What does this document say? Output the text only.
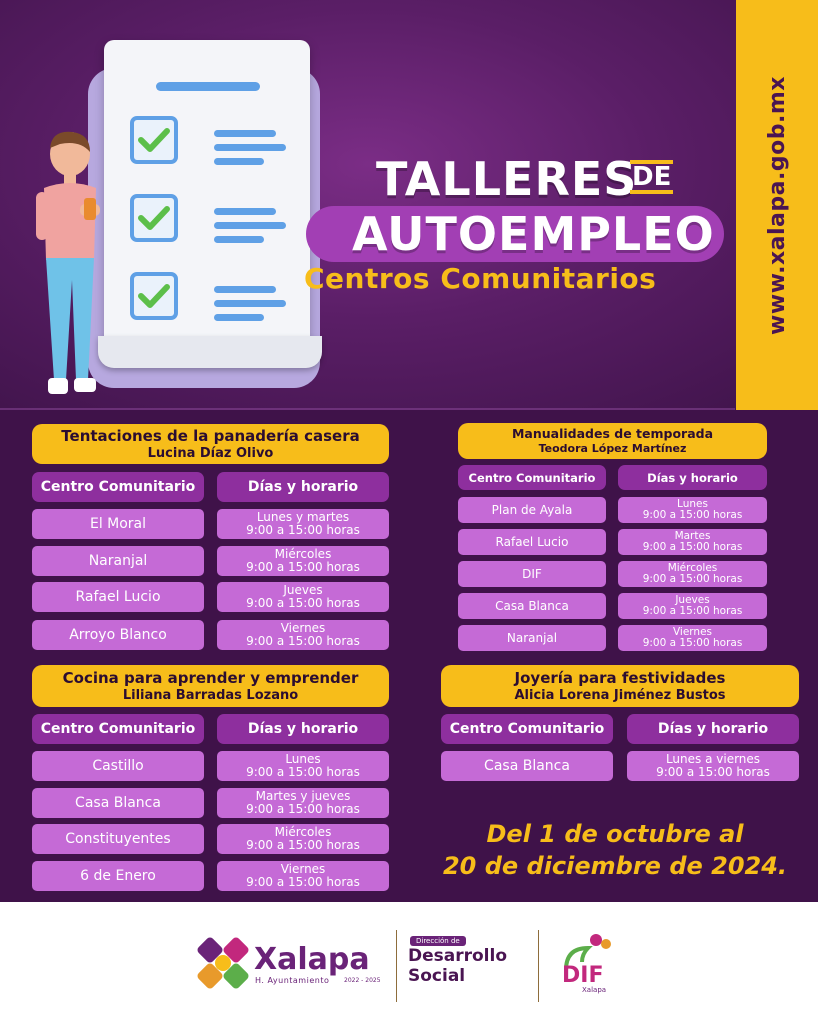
TALLERES
DE
AUTOEMPLEO
Centros Comunitarios	www.xalapa.gob.mx
Tentaciones de la panadería casera
Lucina Díaz Olivo
Centro Comunitario	Días y horario
El Moral	Lunes y martes
9:00 a 15:00 horas
Naranjal	Miércoles
9:00 a 15:00 horas
Rafael Lucio	Jueves
9:00 a 15:00 horas
Arroyo Blanco	Viernes
9:00 a 15:00 horas
Manualidades de temporada
Teodora López Martínez
Centro Comunitario	Días y horario
Plan de Ayala	Lunes
9:00 a 15:00 horas
Rafael Lucio	Martes
9:00 a 15:00 horas
DIF	Miércoles
9:00 a 15:00 horas
Casa Blanca	Jueves
9:00 a 15:00 horas
Naranjal	Viernes
9:00 a 15:00 horas
Cocina para aprender y emprender
Liliana Barradas Lozano
Centro Comunitario	Días y horario
Castillo	Lunes
9:00 a 15:00 horas
Casa Blanca	Martes y jueves
9:00 a 15:00 horas
Constituyentes	Miércoles
9:00 a 15:00 horas
6 de Enero	Viernes
9:00 a 15:00 horas
Joyería para festividades
Alicia Lorena Jiménez Bustos
Centro Comunitario	Días y horario
Casa Blanca	Lunes a viernes
9:00 a 15:00 horas
Del 1 de octubre al
20 de diciembre de 2024.
Xalapa
H. Ayuntamiento 2022 - 2025
Dirección de
Desarrollo
Social	DIF
Xalapa
